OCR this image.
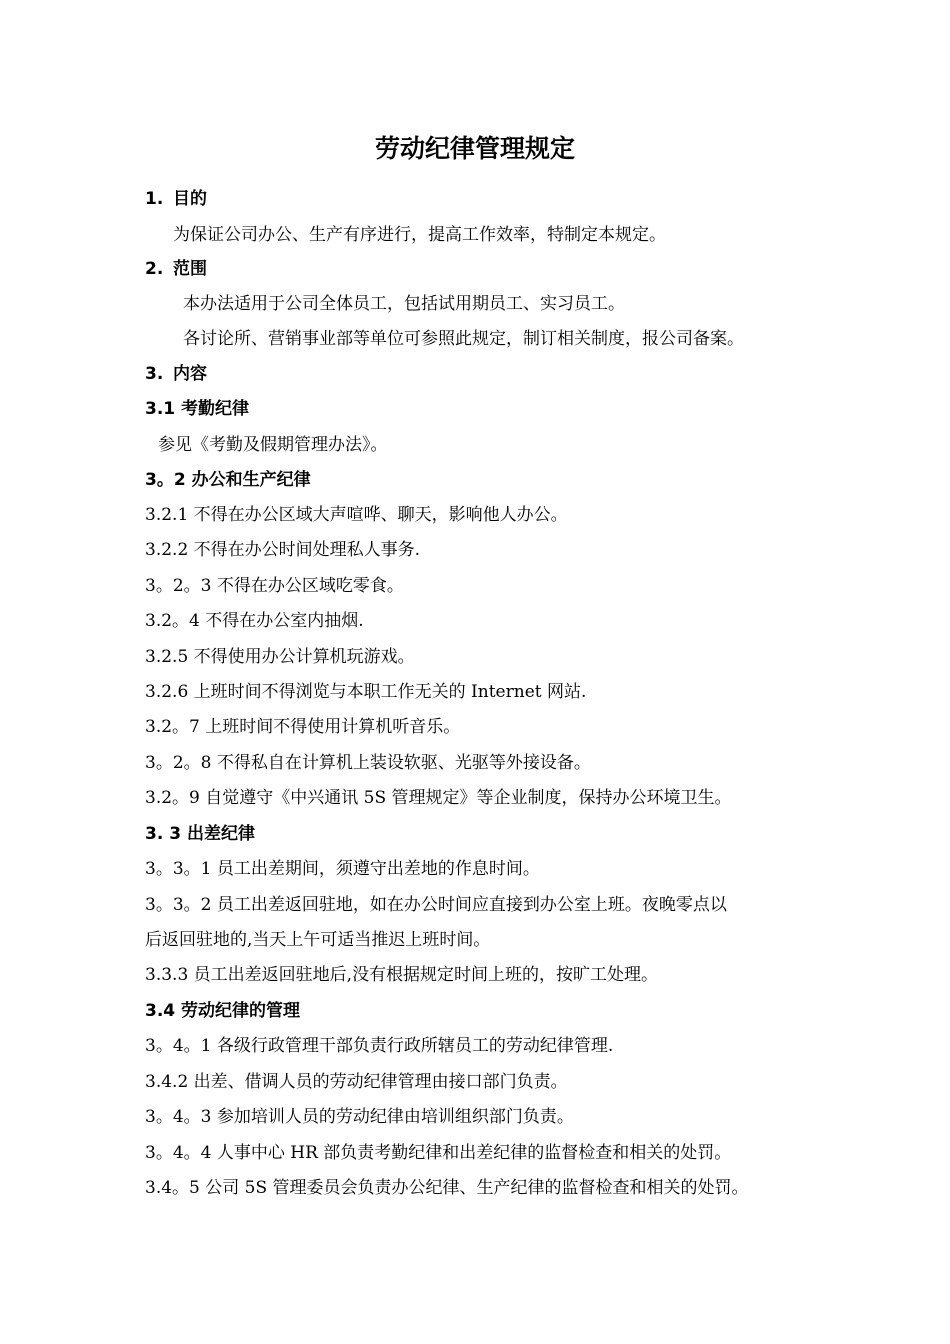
劳动纪律管理规定
1. 目的
为保证公司办公、生产有序进行，提高工作效率，特制定本规定。
2. 范围
本办法适用于公司全体员工，包括试用期员工、实习员工。
各讨论所、营销事业部等单位可参照此规定，制订相关制度，报公司备案。
3. 内容
3.1 考勤纪律
参见《考勤及假期管理办法》。
3。2 办公和生产纪律
3.2.1 不得在办公区域大声喧哗、聊天，影响他人办公。
3.2.2 不得在办公时间处理私人事务.
3。2。3 不得在办公区域吃零食。
3.2。4 不得在办公室内抽烟.
3.2.5 不得使用办公计算机玩游戏。
3.2.6 上班时间不得浏览与本职工作无关的 Internet 网站.
3.2。7 上班时间不得使用计算机听音乐。
3。2。8 不得私自在计算机上装设软驱、光驱等外接设备。
3.2。9 自觉遵守《中兴通讯 5S 管理规定》等企业制度，保持办公环境卫生。
3. 3 出差纪律
3。3。1 员工出差期间，须遵守出差地的作息时间。
3。3。2 员工出差返回驻地，如在办公时间应直接到办公室上班。夜晚零点以
后返回驻地的,当天上午可适当推迟上班时间。
3.3.3 员工出差返回驻地后,没有根据规定时间上班的，按旷工处理。
3.4 劳动纪律的管理
3。4。1 各级行政管理干部负责行政所辖员工的劳动纪律管理.
3.4.2 出差、借调人员的劳动纪律管理由接口部门负责。
3。4。3 参加培训人员的劳动纪律由培训组织部门负责。
3。4。4 人事中心 HR 部负责考勤纪律和出差纪律的监督检查和相关的处罚。
3.4。5 公司 5S 管理委员会负责办公纪律、生产纪律的监督检查和相关的处罚。
